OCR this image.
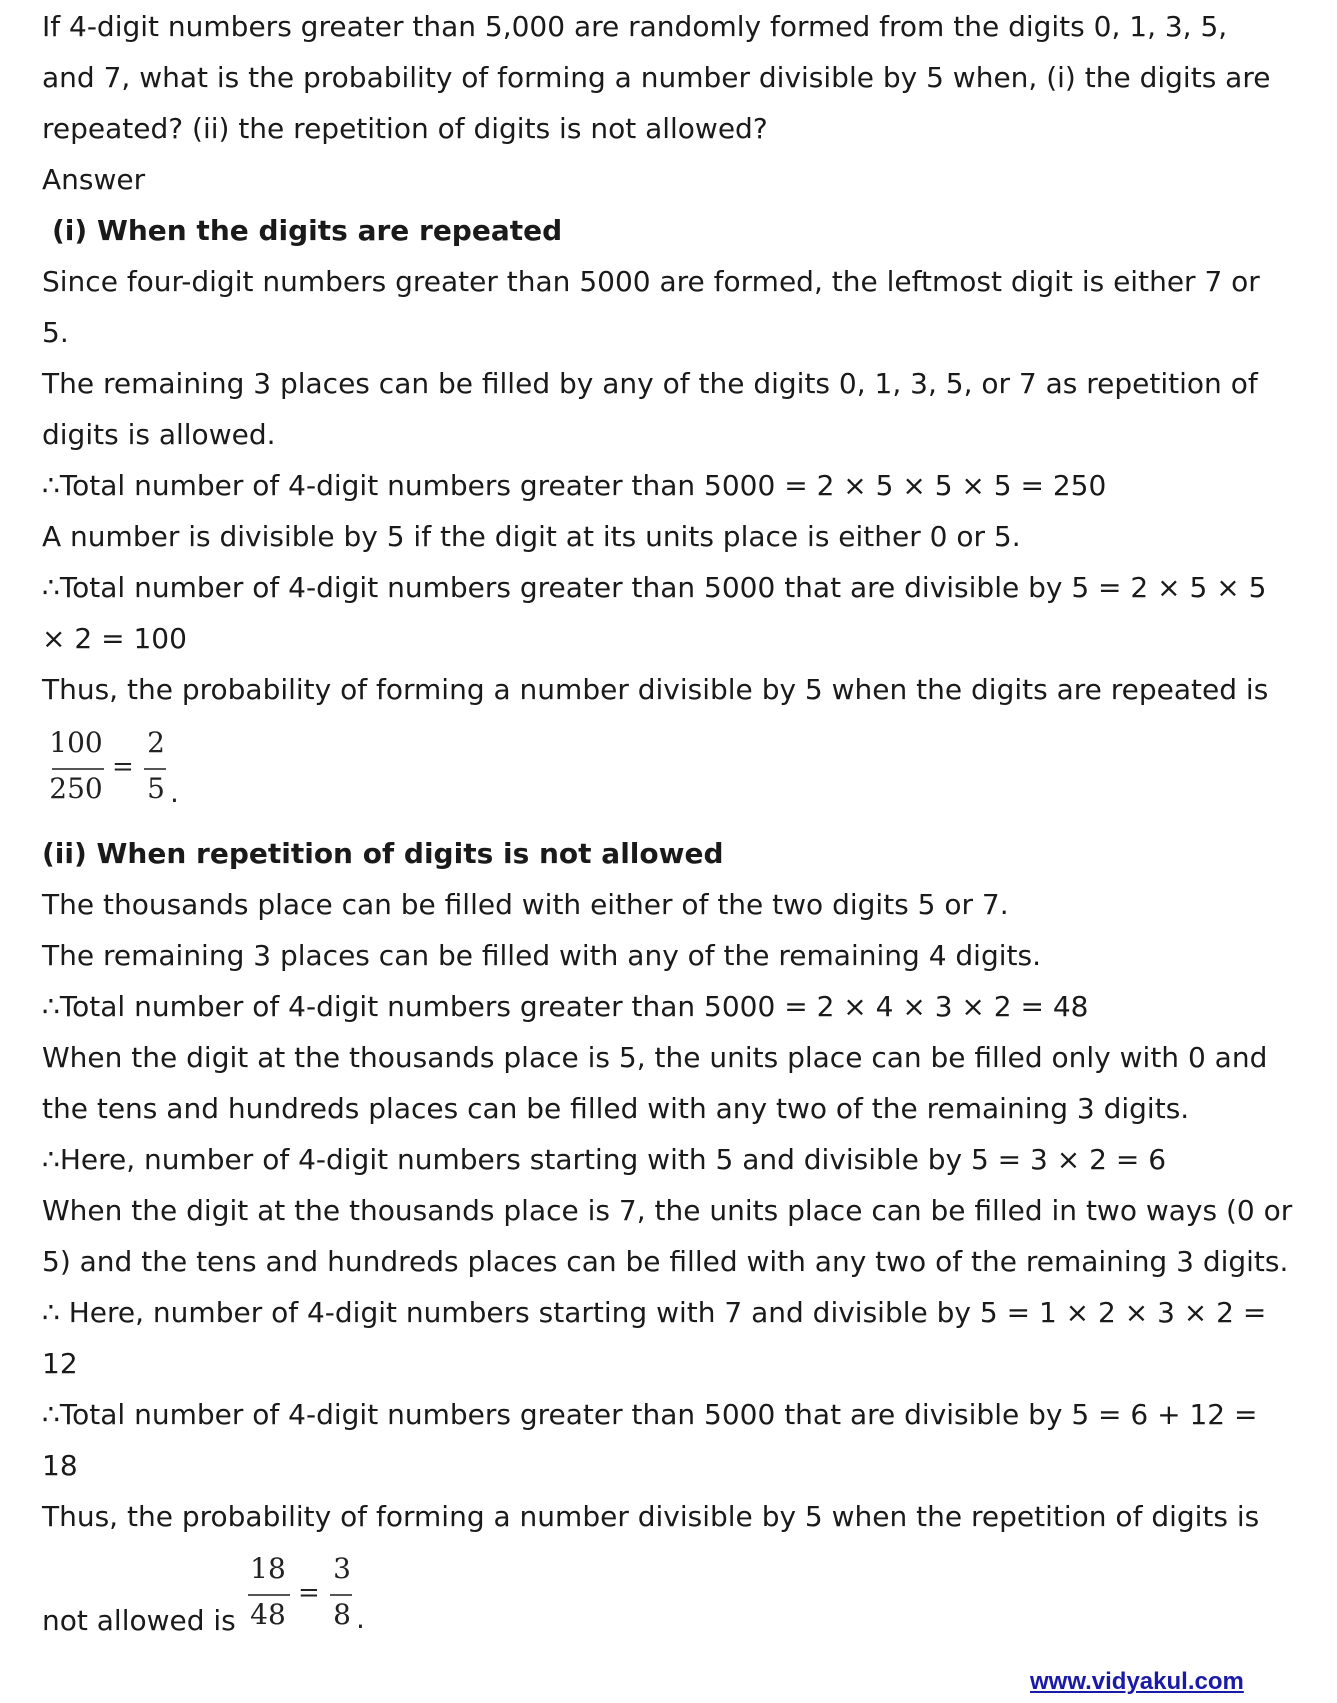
If 4-digit numbers greater than 5,000 are randomly formed from the digits 0, 1, 3, 5,
and 7, what is the probability of forming a number divisible by 5 when, (i) the digits are
repeated? (ii) the repetition of digits is not allowed?
Answer
(i) When the digits are repeated
Since four-digit numbers greater than 5000 are formed, the leftmost digit is either 7 or
5.
The remaining 3 places can be filled by any of the digits 0, 1, 3, 5, or 7 as repetition of
digits is allowed.
∴Total number of 4-digit numbers greater than 5000 = 2 × 5 × 5 × 5 = 250
A number is divisible by 5 if the digit at its units place is either 0 or 5.
∴Total number of 4-digit numbers greater than 5000 that are divisible by 5 = 2 × 5 × 5
× 2 = 100
Thus, the probability of forming a number divisible by 5 when the digits are repeated is
100
250
=
2
5 .
(ii) When repetition of digits is not allowed
The thousands place can be filled with either of the two digits 5 or 7.
The remaining 3 places can be filled with any of the remaining 4 digits.
∴Total number of 4-digit numbers greater than 5000 = 2 × 4 × 3 × 2 = 48
When the digit at the thousands place is 5, the units place can be filled only with 0 and
the tens and hundreds places can be filled with any two of the remaining 3 digits.
∴Here, number of 4-digit numbers starting with 5 and divisible by 5 = 3 × 2 = 6
When the digit at the thousands place is 7, the units place can be filled in two ways (0 or
5) and the tens and hundreds places can be filled with any two of the remaining 3 digits.
∴ Here, number of 4-digit numbers starting with 7 and divisible by 5 = 1 × 2 × 3 × 2 =
12
∴Total number of 4-digit numbers greater than 5000 that are divisible by 5 = 6 + 12 =
18
Thus, the probability of forming a number divisible by 5 when the repetition of digits is
not allowed is
18
48
=
3
8 .
www.vidyakul.com
